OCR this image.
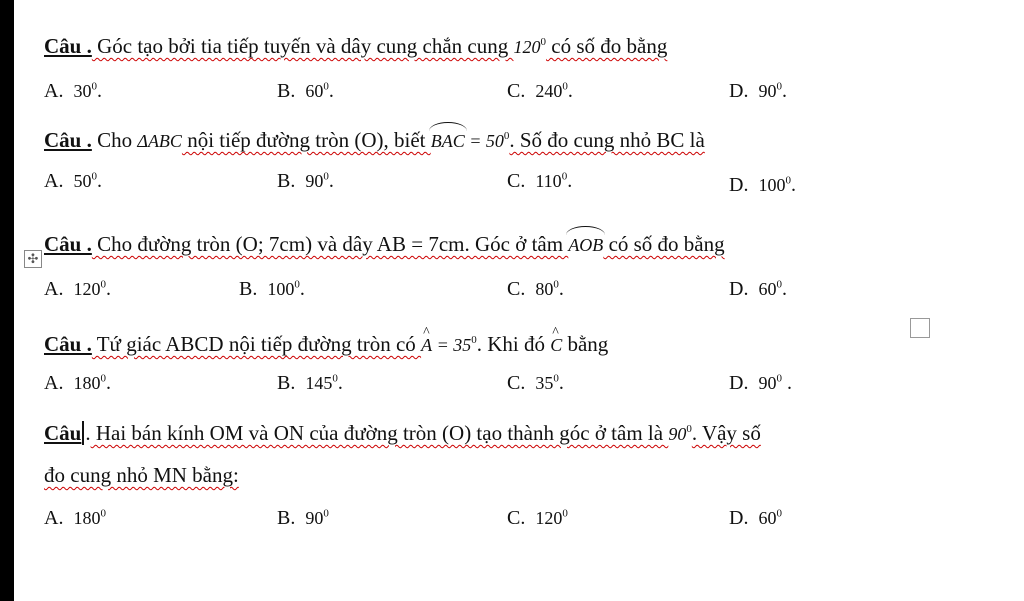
Câu . Góc tạo bởi tia tiếp tuyến và dây cung chắn cung $120^0$ có số đo bằng
A. $30^0$.	B. $60^0$.	C. $240^0$.	D. $90^0$.
Câu . Cho ΔABC nội tiếp đường tròn (O), biết BAC = $50^0$. Số đo cung nhỏ BC là
A. $50^0$.	B. $90^0$.	C. $110^0$.	D. $100^0$.
✣
Câu . Cho đường tròn (O; 7cm) và dây AB = 7cm. Góc ở tâm AOB có số đo bằng
A. $120^0$.	B. $100^0$.	C. $80^0$.	D. $60^0$.
Câu . Tứ giác ABCD nội tiếp đường tròn có ^ $A = 35^0$. Khi đó ^ C bằng
A. $180^0$.	B. $145^0$.	C. $35^0$.	D. $90^0$ .
Câu . Hai bán kính OM và ON của đường tròn (O) tạo thành góc ở tâm là $90^0$. Vậy số
đo cung nhỏ MN bằng:
A. $180^0$	B. $90^0$	C. $120^0$	D. $60^0$
